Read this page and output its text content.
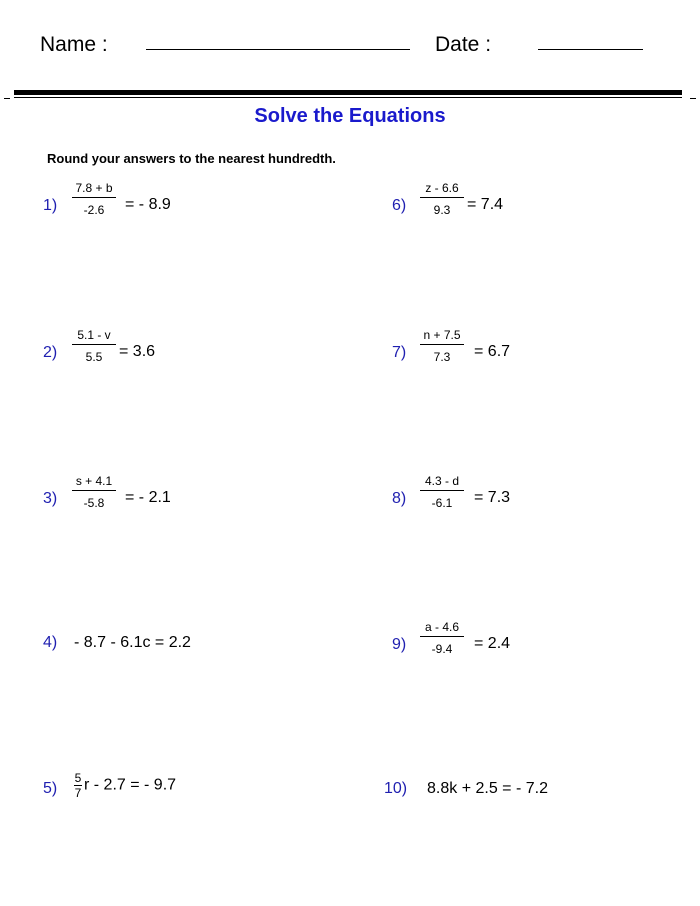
Name :	Date :
Solve the Equations
Round your answers to the nearest hundredth.
1)
7.8 + b
-2.6 = - 8.9
2)
5.1 - v
5.5 = 3.6
3)
s + 4.1
-5.8 = - 2.1
4) - 8.7 - 6.1c = 2.2
$5) \frac{5}{7}$ r - 2.7 = - 9.7
6)
z - 6.6
9.3 = 7.4
7)
n + 7.5
7.3 = 6.7
8)
4.3 - d
-6.1 = 7.3
9)
a - 4.6
-9.4 = 2.4
10) 8.8k + 2.5 = - 7.2
